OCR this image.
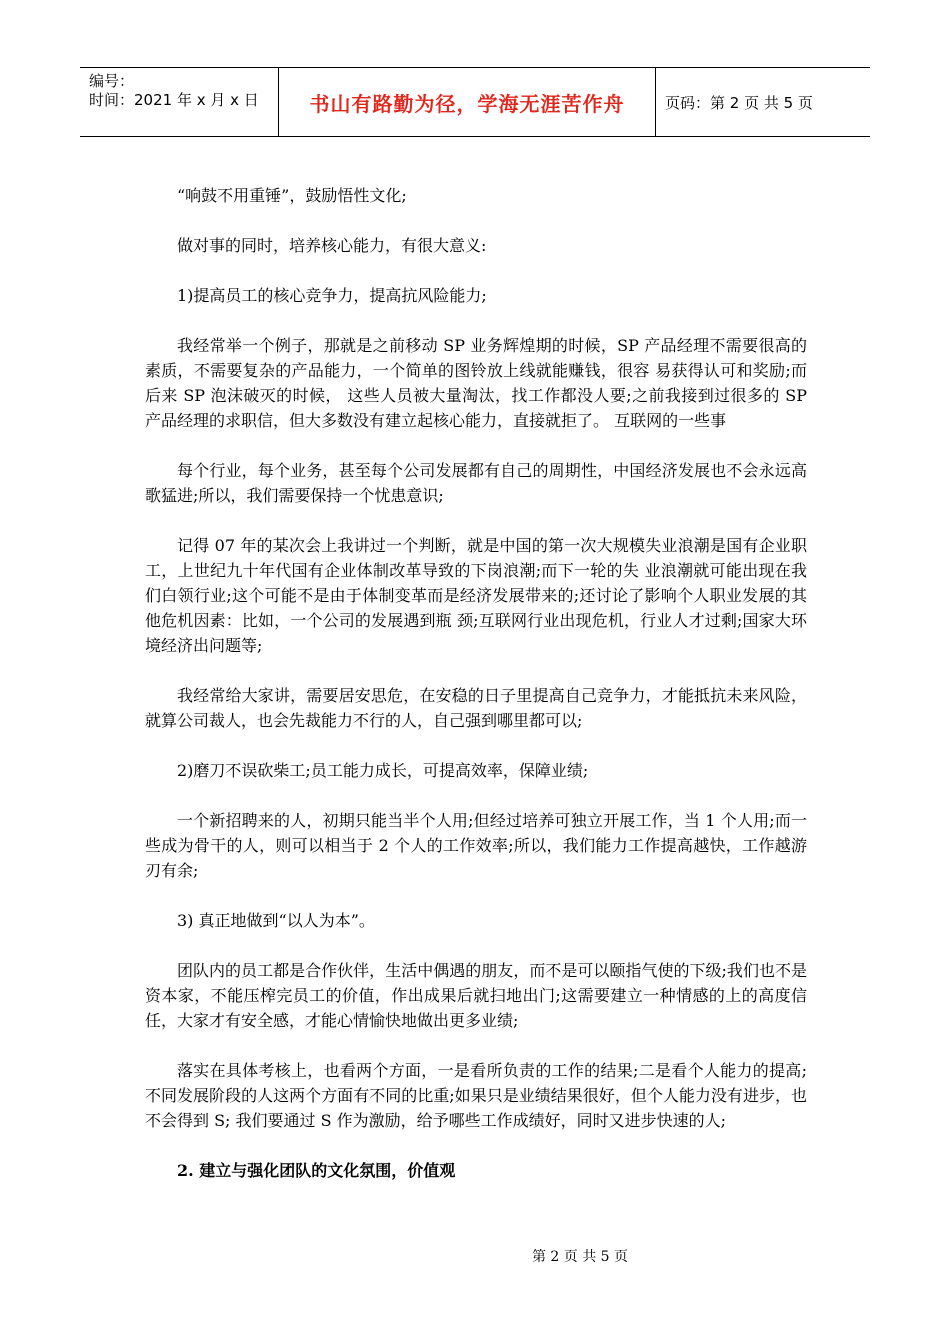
编号：
时间：2021 年 x 月 x 日	书山有路勤为径，学海无涯苦作舟	页码：第 2 页 共 5 页

“响鼓不用重锤”，鼓励悟性文化;

做对事的同时，培养核心能力，有很大意义:

1)提高员工的核心竞争力，提高抗风险能力;

我经常举一个例子，那就是之前移动 SP 业务辉煌期的时候，SP 产品经理不需要很高的素质，不需要复杂的产品能力，一个简单的图铃放上线就能赚钱，很容 易获得认可和奖励;而后来 SP 泡沫破灭的时候， 这些人员被大量淘汰，找工作都没人要;之前我接到过很多的 SP 产品经理的求职信，但大多数没有建立起核心能力，直接就拒了。 互联网的一些事

每个行业，每个业务，甚至每个公司发展都有自己的周期性，中国经济发展也不会永远高歌猛进;所以，我们需要保持一个忧患意识;

记得 07 年的某次会上我讲过一个判断，就是中国的第一次大规模失业浪潮是国有企业职工，上世纪九十年代国有企业体制改革导致的下岗浪潮;而下一轮的失 业浪潮就可能出现在我们白领行业;这个可能不是由于体制变革而是经济发展带来的;还讨论了影响个人职业发展的其他危机因素：比如，一个公司的发展遇到瓶 颈;互联网行业出现危机，行业人才过剩;国家大环境经济出问题等;

我经常给大家讲，需要居安思危，在安稳的日子里提高自己竞争力，才能抵抗未来风险，就算公司裁人，也会先裁能力不行的人，自己强到哪里都可以;

2)磨刀不误砍柴工;员工能力成长，可提高效率，保障业绩;

一个新招聘来的人，初期只能当半个人用;但经过培养可独立开展工作，当 1 个人用;而一些成为骨干的人，则可以相当于 2 个人的工作效率;所以，我们能力工作提高越快，工作越游刃有余;

3) 真正地做到“以人为本”。

团队内的员工都是合作伙伴，生活中偶遇的朋友，而不是可以颐指气使的下级;我们也不是资本家，不能压榨完员工的价值，作出成果后就扫地出门;这需要建立一种情感的上的高度信任，大家才有安全感，才能心情愉快地做出更多业绩;

落实在具体考核上，也看两个方面，一是看所负责的工作的结果;二是看个人能力的提高;不同发展阶段的人这两个方面有不同的比重;如果只是业绩结果很好，但个人能力没有进步，也不会得到 S; 我们要通过 S 作为激励，给予哪些工作成绩好，同时又进步快速的人;

2. 建立与强化团队的文化氛围，价值观

第 2 页 共 5 页
